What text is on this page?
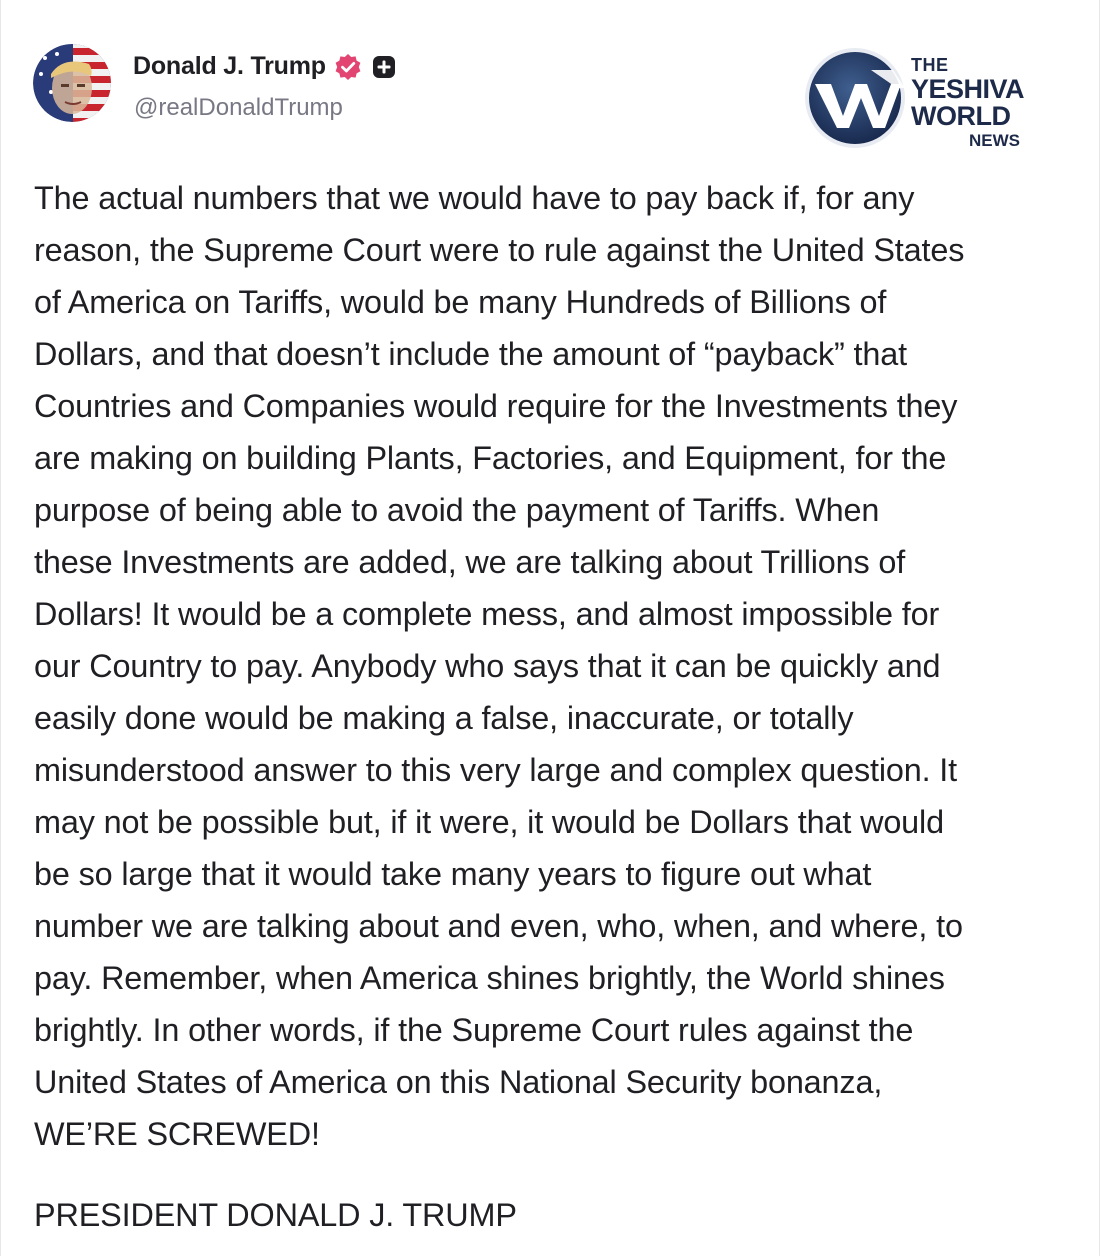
Donald J. Trump
@realDonaldTrump
THE
YESHIVA
WORLD
NEWS

The actual numbers that we would have to pay back if, for any

reason, the Supreme Court were to rule against the United States

of America on Tariffs, would be many Hundreds of Billions of

Dollars, and that doesn’t include the amount of “payback” that

Countries and Companies would require for the Investments they

are making on building Plants, Factories, and Equipment, for the

purpose of being able to avoid the payment of Tariffs. When

these Investments are added, we are talking about Trillions of

Dollars! It would be a complete mess, and almost impossible for

our Country to pay. Anybody who says that it can be quickly and

easily done would be making a false, inaccurate, or totally

misunderstood answer to this very large and complex question. It

may not be possible but, if it were, it would be Dollars that would

be so large that it would take many years to figure out what

number we are talking about and even, who, when, and where, to

pay. Remember, when America shines brightly, the World shines

brightly. In other words, if the Supreme Court rules against the

United States of America on this National Security bonanza,

WE’RE SCREWED!

PRESIDENT DONALD J. TRUMP
